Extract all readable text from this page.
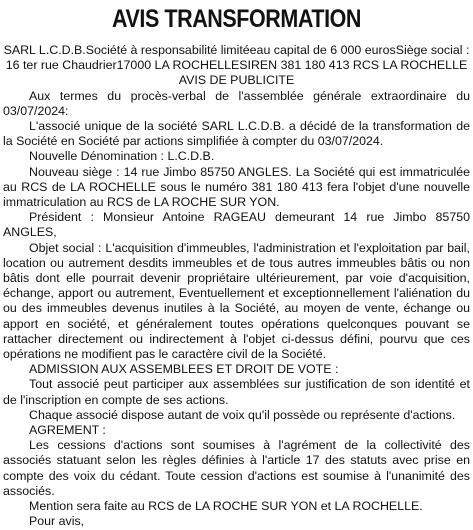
AVIS TRANSFORMATION

SARL L.C.D.B.Société à responsabilité limitéeau capital de 6 000 eurosSiège social : 16 ter rue Chaudrier17000 LA ROCHELLESIREN 381 180 413 RCS LA ROCHELLE

AVIS DE PUBLICITE

Aux termes du procès-verbal de l'assemblée générale extraordinaire du 03/07/2024:

L'associé unique de la société SARL L.C.D.B. a décidé de la transformation de la Société en Société par actions simplifiée à compter du 03/07/2024.

Nouvelle Dénomination : L.C.D.B.

Nouveau siège : 14 rue Jimbo 85750 ANGLES. La Société qui est immatriculée au RCS de LA ROCHELLE sous le numéro 381 180 413 fera l'objet d'une nouvelle immatriculation au RCS de LA ROCHE SUR YON.

Président : Monsieur Antoine RAGEAU demeurant 14 rue Jimbo 85750 ANGLES,

Objet social : L'acquisition d'immeubles, l'administration et l'exploitation par bail, location ou autrement desdits immeubles et de tous autres immeubles bâtis ou non bâtis dont elle pourrait devenir propriétaire ultérieurement, par voie d'acquisition, échange, apport ou autrement, Eventuellement et exceptionnellement l'aliénation du ou des immeubles devenus inutiles à la Société, au moyen de vente, échange ou apport en société, et généralement toutes opérations quelconques pouvant se rattacher directement ou indirectement à l'objet ci-dessus défini, pourvu que ces opérations ne modifient pas le caractère civil de la Société.

ADMISSION AUX ASSEMBLEES ET DROIT DE VOTE :

Tout associé peut participer aux assemblées sur justification de son identité et de l'inscription en compte de ses actions.

Chaque associé dispose autant de voix qu'il possède ou représente d'actions.

AGREMENT :

Les cessions d'actions sont soumises à l'agrément de la collectivité des associés statuant selon les règles définies à l'article 17 des statuts avec prise en compte des voix du cédant. Toute cession d'actions est soumise à l'unanimité des associés.

Mention sera faite au RCS de LA ROCHE SUR YON et LA ROCHELLE.

Pour avis,
